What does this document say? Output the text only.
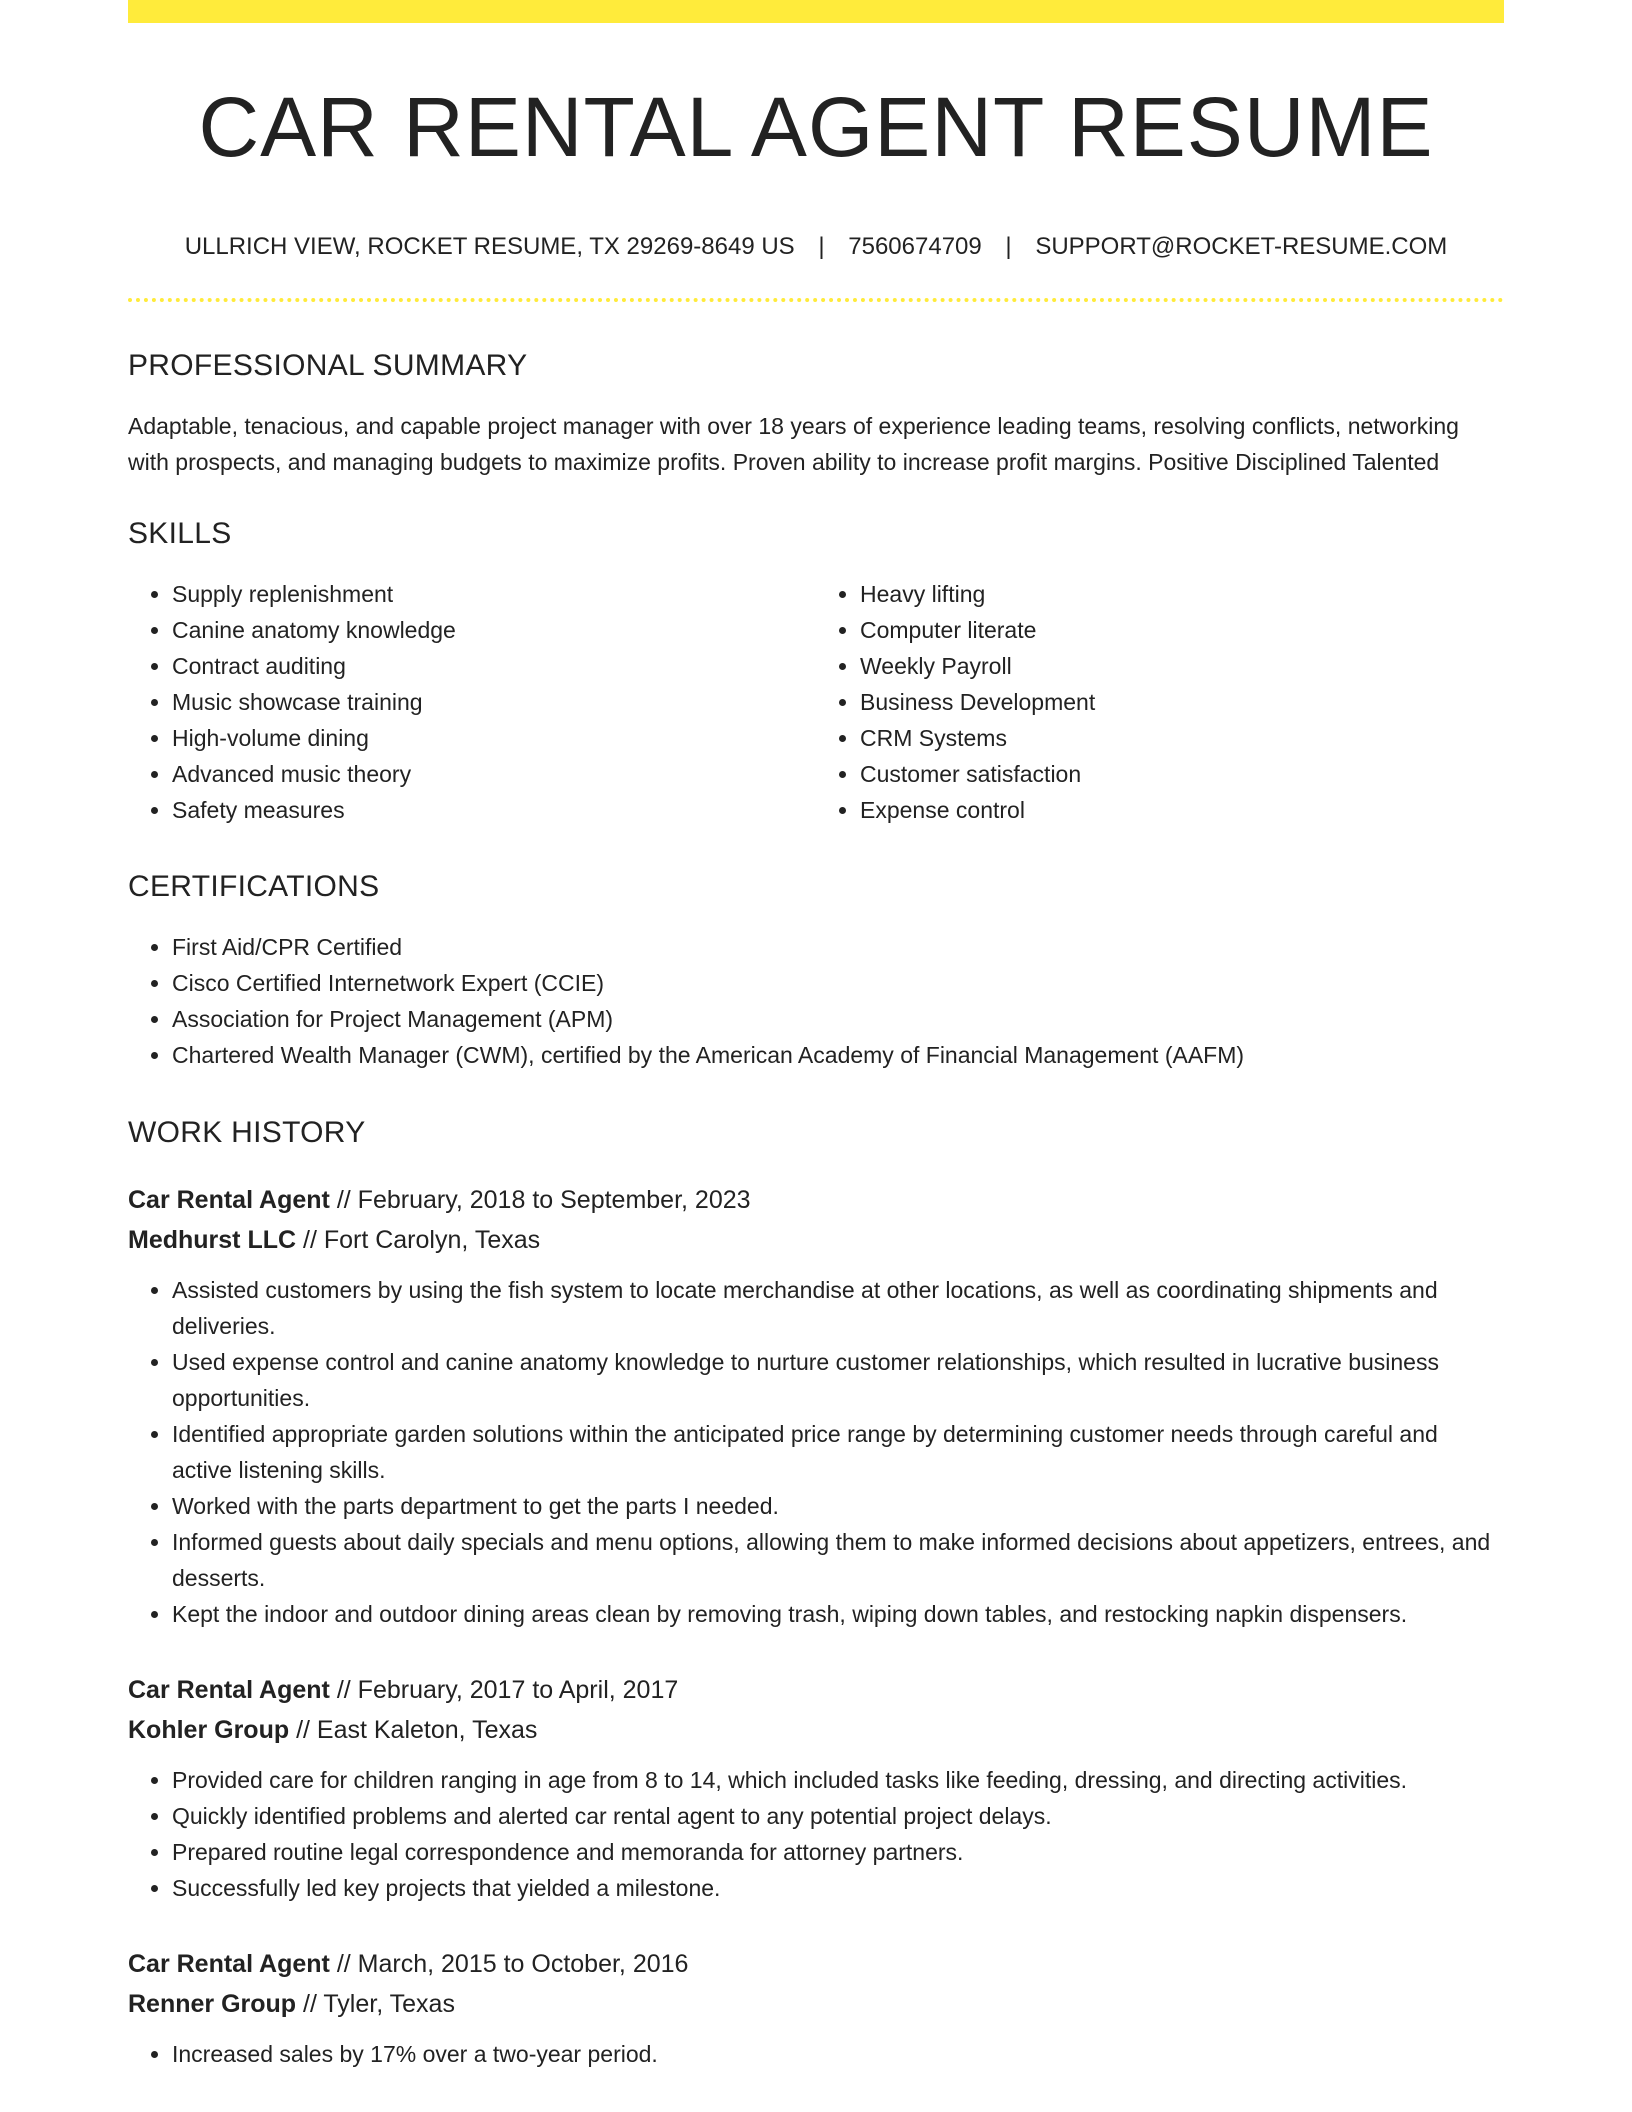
CAR RENTAL AGENT RESUME
ULLRICH VIEW, ROCKET RESUME, TX 29269-8649 US | 7560674709 | SUPPORT@ROCKET-RESUME.COM
PROFESSIONAL SUMMARY

Adaptable, tenacious, and capable project manager with over 18 years of experience leading teams, resolving conflicts, networking with prospects, and managing budgets to maximize profits. Proven ability to increase profit margins. Positive Disciplined Talented

SKILLS
• Supply replenishment
• Canine anatomy knowledge
• Contract auditing
• Music showcase training
• High-volume dining
• Advanced music theory
• Safety measures
• Heavy lifting
• Computer literate
• Weekly Payroll
• Business Development
• CRM Systems
• Customer satisfaction
• Expense control
CERTIFICATIONS
• First Aid/CPR Certified
• Cisco Certified Internetwork Expert (CCIE)
• Association for Project Management (APM)
• Chartered Wealth Manager (CWM), certified by the American Academy of Financial Management (AAFM)
WORK HISTORY
Car Rental Agent // February, 2018 to September, 2023
Medhurst LLC // Fort Carolyn, Texas
• Assisted customers by using the fish system to locate merchandise at other locations, as well as coordinating shipments and deliveries.
• Used expense control and canine anatomy knowledge to nurture customer relationships, which resulted in lucrative business opportunities.
• Identified appropriate garden solutions within the anticipated price range by determining customer needs through careful and active listening skills.
• Worked with the parts department to get the parts I needed.
• Informed guests about daily specials and menu options, allowing them to make informed decisions about appetizers, entrees, and desserts.
• Kept the indoor and outdoor dining areas clean by removing trash, wiping down tables, and restocking napkin dispensers.
Car Rental Agent // February, 2017 to April, 2017
Kohler Group // East Kaleton, Texas
• Provided care for children ranging in age from 8 to 14, which included tasks like feeding, dressing, and directing activities.
• Quickly identified problems and alerted car rental agent to any potential project delays.
• Prepared routine legal correspondence and memoranda for attorney partners.
• Successfully led key projects that yielded a milestone.
Car Rental Agent // March, 2015 to October, 2016
Renner Group // Tyler, Texas
• Increased sales by 17% over a two-year period.
